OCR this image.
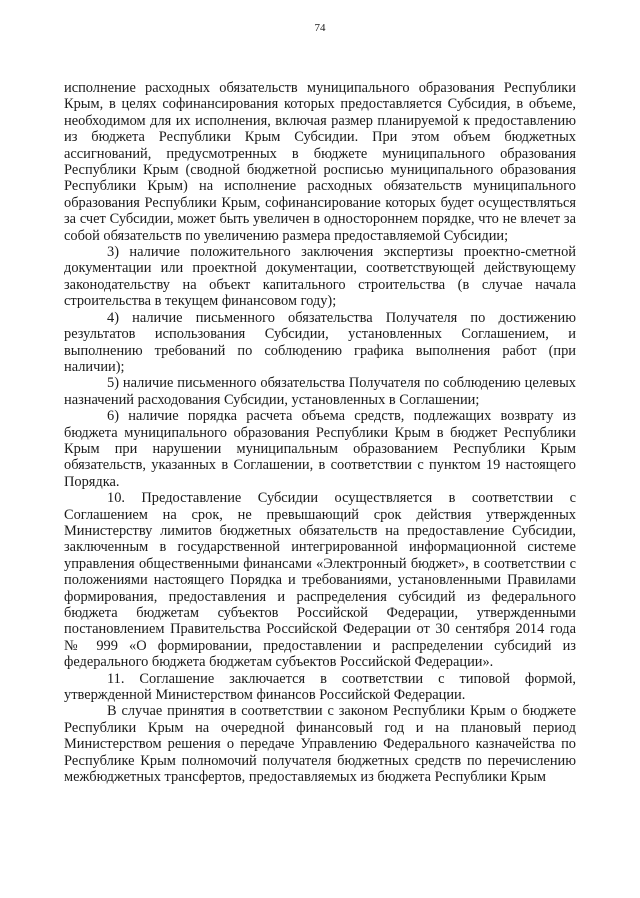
74

исполнение расходных обязательств муниципального образования Республики Крым, в целях софинансирования которых предоставляется Субсидия, в объеме, необходимом для их исполнения, включая размер планируемой к предоставлению из бюджета Республики Крым Субсидии. При этом объем бюджетных ассигнований, предусмотренных в бюджете муниципального образования Республики Крым (сводной бюджетной росписью муниципального образования Республики Крым) на исполнение расходных обязательств муниципального образования Республики Крым, софинансирование которых будет осуществляться за счет Субсидии, может быть увеличен в одностороннем порядке, что не влечет за собой обязательств по увеличению размера предоставляемой Субсидии;

3) наличие положительного заключения экспертизы проектно-сметной документации или проектной документации, соответствующей действующему законодательству на объект капитального строительства (в случае начала строительства в текущем финансовом году);

4) наличие письменного обязательства Получателя по достижению результатов использования Субсидии, установленных Соглашением, и выполнению требований по соблюдению графика выполнения работ (при наличии);

5) наличие письменного обязательства Получателя по соблюдению целевых назначений расходования Субсидии, установленных в Соглашении;

6) наличие порядка расчета объема средств, подлежащих возврату из бюджета муниципального образования Республики Крым в бюджет Республики Крым при нарушении муниципальным образованием Республики Крым обязательств, указанных в Соглашении, в соответствии с пунктом 19 настоящего Порядка.

10. Предоставление Субсидии осуществляется в соответствии с Соглашением на срок, не превышающий срок действия утвержденных Министерству лимитов бюджетных обязательств на предоставление Субсидии, заключенным в государственной интегрированной информационной системе управления общественными финансами «Электронный бюджет», в соответствии с положениями настоящего Порядка и требованиями, установленными Правилами формирования, предоставления и распределения субсидий из федерального бюджета бюджетам субъектов Российской Федерации, утвержденными постановлением Правительства Российской Федерации от 30 сентября 2014 года № 999 «О формировании, предоставлении и распределении субсидий из федерального бюджета бюджетам субъектов Российской Федерации».

11. Соглашение заключается в соответствии с типовой формой, утвержденной Министерством финансов Российской Федерации.

В случае принятия в соответствии с законом Республики Крым о бюджете Республики Крым на очередной финансовый год и на плановый период Министерством решения о передаче Управлению Федерального казначейства по Республике Крым полномочий получателя бюджетных средств по перечислению межбюджетных трансфертов, предоставляемых из бюджета Республики Крым
